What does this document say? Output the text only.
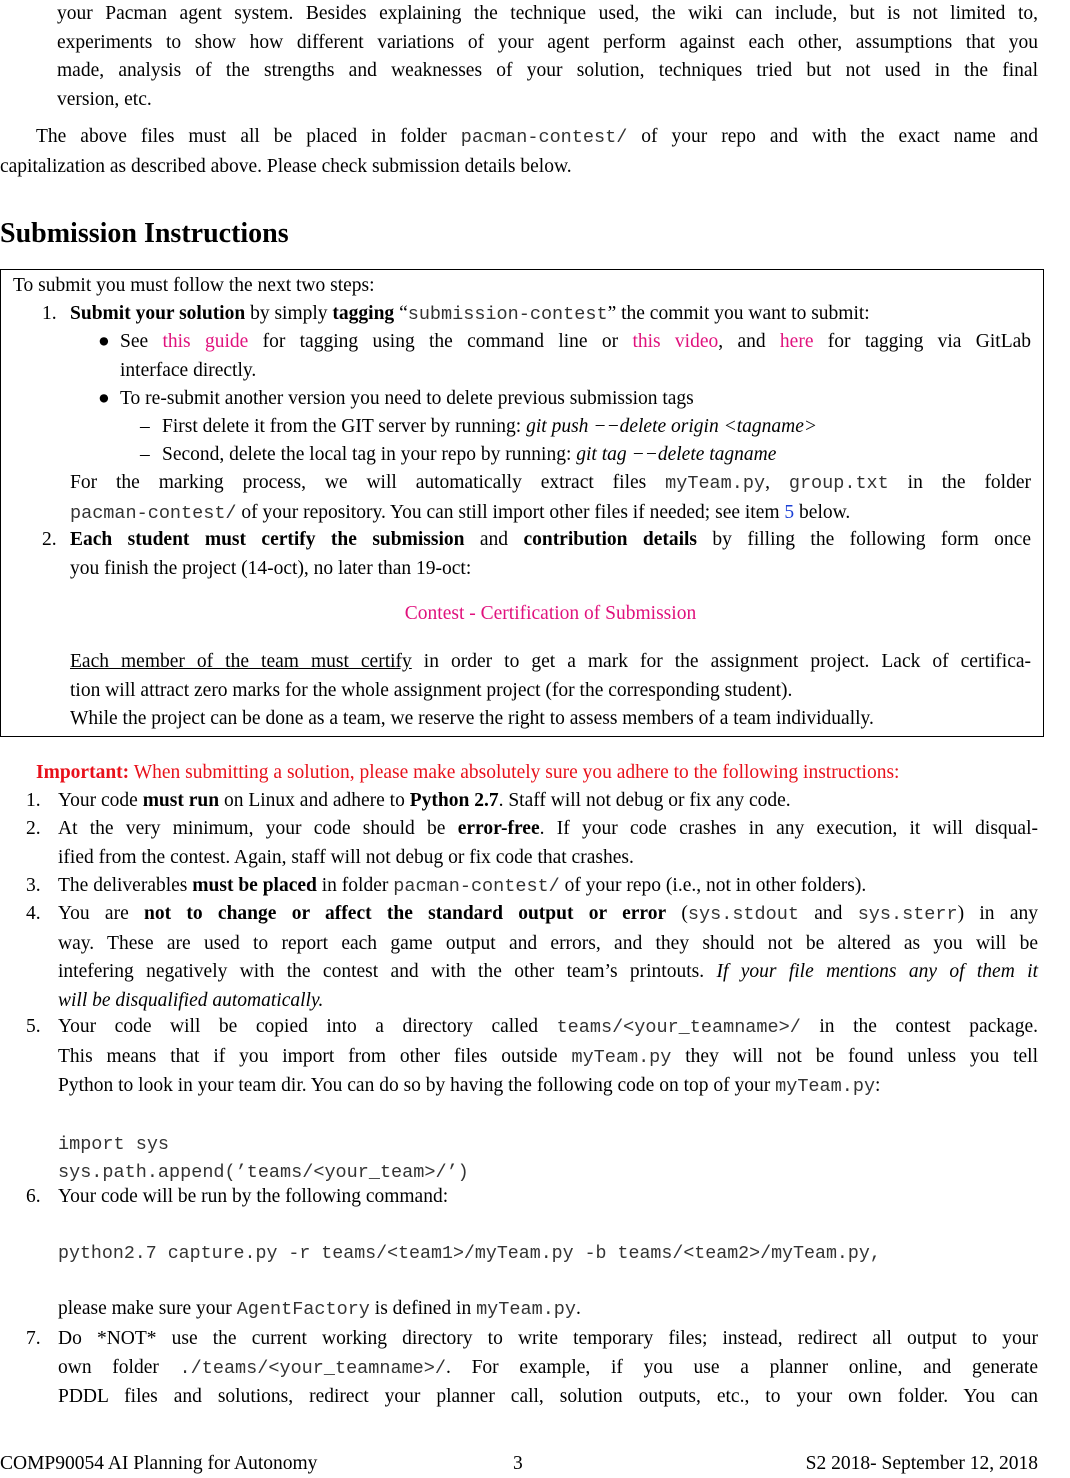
your Pacman agent system. Besides explaining the technique used, the wiki can include, but is not limited to,
experiments to show how different variations of your agent perform against each other, assumptions that you
made, analysis of the strengths and weaknesses of your solution, techniques tried but not used in the final
version, etc.
The above files must all be placed in folder pacman-contest/ of your repo and with the exact name and
capitalization as described above. Please check submission details below.
Submission Instructions
To submit you must follow the next two steps:
1. Submit your solution by simply tagging “submission-contest” the commit you want to submit:
● See this guide for tagging using the command line or this video, and here for tagging via GitLab
interface directly.
● To re-submit another version you need to delete previous submission tags
– First delete it from the GIT server by running: git push −−delete origin <tagname>
– Second, delete the local tag in your repo by running: git tag −−delete tagname
For the marking process, we will automatically extract files myTeam.py, group.txt in the folder
pacman-contest/ of your repository. You can still import other files if needed; see item 5 below.
2. Each student must certify the submission and contribution details by filling the following form once
you finish the project (14-oct), no later than 19-oct:
Contest - Certification of Submission
Each member of the team must certify in order to get a mark for the assignment project. Lack of certifica-
tion will attract zero marks for the whole assignment project (for the corresponding student).
While the project can be done as a team, we reserve the right to assess members of a team individually.
Important: When submitting a solution, please make absolutely sure you adhere to the following instructions:
1. Your code must run on Linux and adhere to Python 2.7. Staff will not debug or fix any code.
2. At the very minimum, your code should be error-free. If your code crashes in any execution, it will disqual-
ified from the contest. Again, staff will not debug or fix code that crashes.
3. The deliverables must be placed in folder pacman-contest/ of your repo (i.e., not in other folders).
4. You are not to change or affect the standard output or error (sys.stdout and sys.sterr) in any
way. These are used to report each game output and errors, and they should not be altered as you will be
intefering negatively with the contest and with the other team’s printouts. If your file mentions any of them it
will be disqualified automatically.
5. Your code will be copied into a directory called teams/<your_teamname>/ in the contest package.
This means that if you import from other files outside myTeam.py they will not be found unless you tell
Python to look in your team dir. You can do so by having the following code on top of your myTeam.py:
import sys
sys.path.append(’teams/<your_team>/’)
6. Your code will be run by the following command:
python2.7 capture.py -r teams/<team1>/myTeam.py -b teams/<team2>/myTeam.py,
please make sure your AgentFactory is defined in myTeam.py.
7. Do *NOT* use the current working directory to write temporary files; instead, redirect all output to your
own folder ./teams/<your_teamname>/. For example, if you use a planner online, and generate
PDDL files and solutions, redirect your planner call, solution outputs, etc., to your own folder. You can
COMP90054 AI Planning for Autonomy	3	S2 2018- September 12, 2018
